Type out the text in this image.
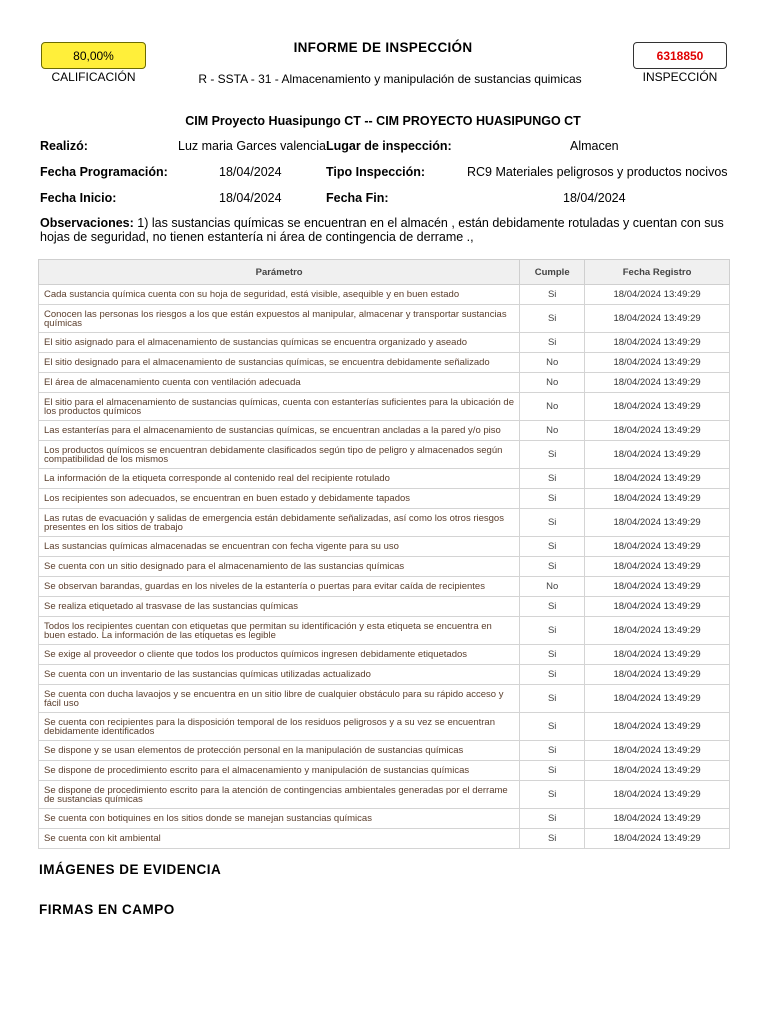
80,00%
CALIFICACIÓN
INFORME DE INSPECCIÓN
R - SSTA - 31 - Almacenamiento y manipulación de sustancias quimicas
6318850
INSPECCIÓN
CIM Proyecto Huasipungo CT -- CIM PROYECTO HUASIPUNGO CT
Realizó:	Luz maria Garces valencia Lugar de inspección:	Almacen
Fecha Programación:	18/04/2024	Tipo Inspección:	RC9 Materiales peligrosos y productos nocivos
Fecha Inicio:	18/04/2024	Fecha Fin:	18/04/2024
Observaciones: 1) las sustancias químicas se encuentran en el almacén , están debidamente rotuladas y cuentan con sus hojas de seguridad, no tienen estantería ni área de contingencia de derrame .,
Parámetro	Cumple	Fecha Registro
Cada sustancia química cuenta con su hoja de seguridad, está visible, asequible y en buen estado	Si	18/04/2024 13:49:29
Conocen las personas los riesgos a los que están expuestos al manipular, almacenar y transportar sustancias químicas	Si	18/04/2024 13:49:29
El sitio asignado para el almacenamiento de sustancias químicas se encuentra organizado y aseado	Si	18/04/2024 13:49:29
El sitio designado para el almacenamiento de sustancias químicas, se encuentra debidamente señalizado	No	18/04/2024 13:49:29
El área de almacenamiento cuenta con ventilación adecuada	No	18/04/2024 13:49:29
El sitio para el almacenamiento de sustancias químicas, cuenta con estanterías suficientes para la ubicación de los productos químicos	No	18/04/2024 13:49:29
Las estanterías para el almacenamiento de sustancias químicas, se encuentran ancladas a la pared y/o piso	No	18/04/2024 13:49:29
Los productos químicos se encuentran debidamente clasificados según tipo de peligro y almacenados según compatibilidad de los mismos	Si	18/04/2024 13:49:29
La información de la etiqueta corresponde al contenido real del recipiente rotulado	Si	18/04/2024 13:49:29
Los recipientes son adecuados, se encuentran en buen estado y debidamente tapados	Si	18/04/2024 13:49:29
Las rutas de evacuación y salidas de emergencia están debidamente señalizadas, así como los otros riesgos presentes en los sitios de trabajo	Si	18/04/2024 13:49:29
Las sustancias químicas almacenadas se encuentran con fecha vigente para su uso	Si	18/04/2024 13:49:29
Se cuenta con un sitio designado para el almacenamiento de las sustancias químicas	Si	18/04/2024 13:49:29
Se observan barandas, guardas en los niveles de la estantería o puertas para evitar caída de recipientes	No	18/04/2024 13:49:29
Se realiza etiquetado al trasvase de las sustancias químicas	Si	18/04/2024 13:49:29
Todos los recipientes cuentan con etiquetas que permitan su identificación y esta etiqueta se encuentra en buen estado. La información de las etiquetas es legible	Si	18/04/2024 13:49:29
Se exige al proveedor o cliente que todos los productos químicos ingresen debidamente etiquetados	Si	18/04/2024 13:49:29
Se cuenta con un inventario de las sustancias químicas utilizadas actualizado	Si	18/04/2024 13:49:29
Se cuenta con ducha lavaojos y se encuentra en un sitio libre de cualquier obstáculo para su rápido acceso y fácil uso	Si	18/04/2024 13:49:29
Se cuenta con recipientes para la disposición temporal de los residuos peligrosos y a su vez se encuentran debidamente identificados	Si	18/04/2024 13:49:29
Se dispone y se usan elementos de protección personal en la manipulación de sustancias químicas	Si	18/04/2024 13:49:29
Se dispone de procedimiento escrito para el almacenamiento y manipulación de sustancias químicas	Si	18/04/2024 13:49:29
Se dispone de procedimiento escrito para la atención de contingencias ambientales generadas por el derrame de sustancias químicas	Si	18/04/2024 13:49:29
Se cuenta con botiquines en los sitios donde se manejan sustancias químicas	Si	18/04/2024 13:49:29
Se cuenta con kit ambiental	Si	18/04/2024 13:49:29
IMÁGENES DE EVIDENCIA
FIRMAS EN CAMPO
